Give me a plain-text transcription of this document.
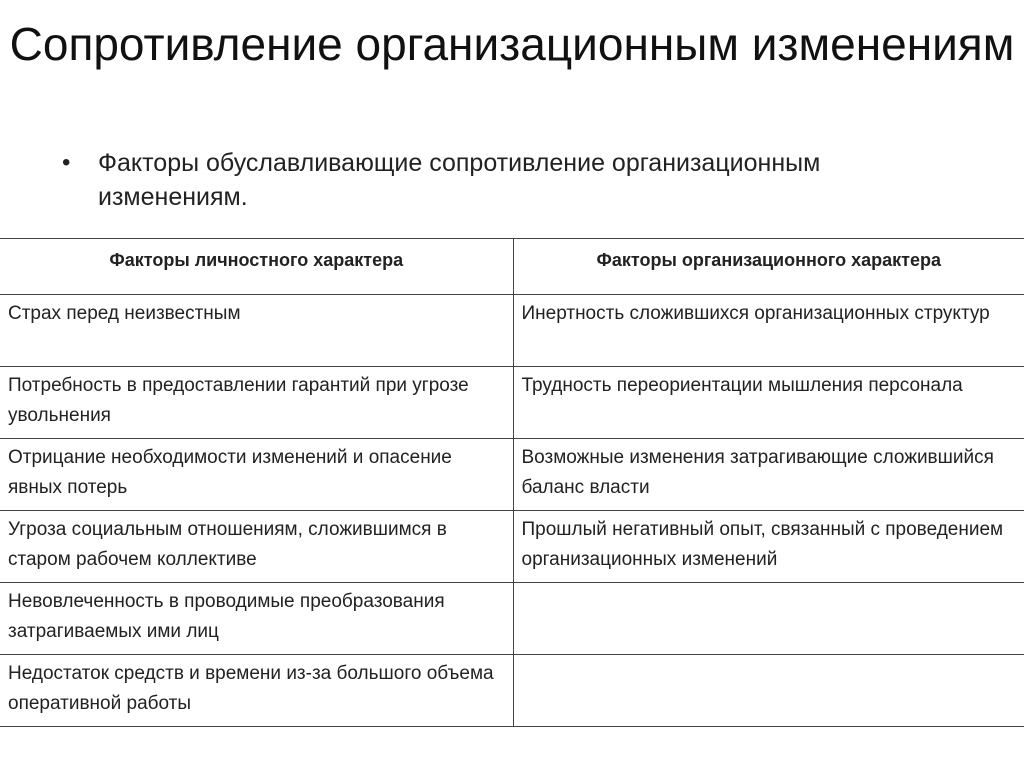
Сопротивление организационным изменениям
• Факторы обуславливающие сопротивление организационным изменениям.
Факторы личностного характера	Факторы организационного характера
Страх перед неизвестным	Инертность сложившихся организационных структур
Потребность в предоставлении гарантий при угрозе увольнения	Трудность переориентации мышления персонала
Отрицание необходимости изменений и опасение явных потерь	Возможные изменения затрагивающие сложившийся баланс власти
Угроза социальным отношениям, сложившимся в старом рабочем коллективе	Прошлый негативный опыт, связанный с проведением организационных изменений
Невовлеченность в проводимые преобразования затрагиваемых ими лиц	
Недостаток средств и времени из-за большого объема оперативной работы	
